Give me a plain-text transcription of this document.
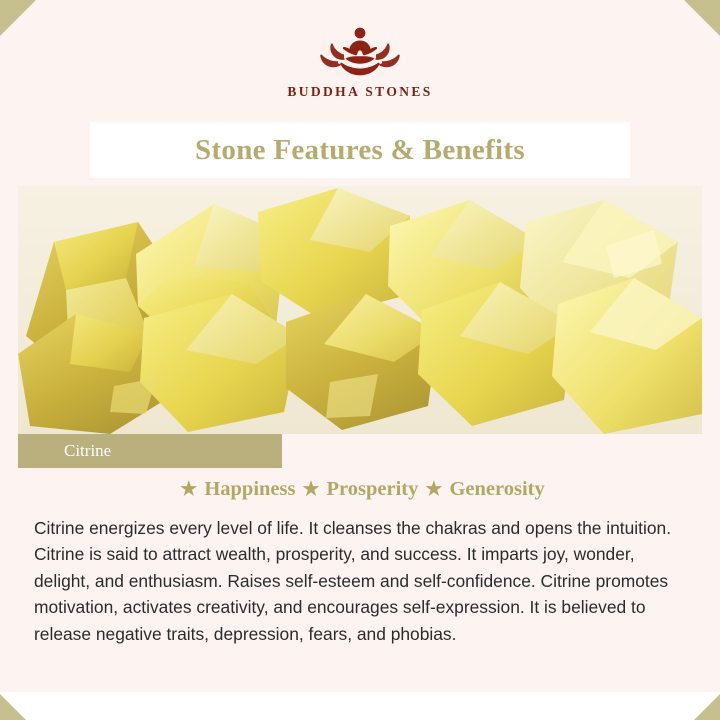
BUDDHA STONES
Stone Features & Benefits
Citrine
★ Happiness ★ Prosperity ★ Generosity
Citrine energizes every level of life. It cleanses the chakras and opens the intuition. Citrine is said to attract wealth, prosperity, and success. It imparts joy, wonder, delight, and enthusiasm. Raises self-esteem and self-confidence. Citrine promotes motivation, activates creativity, and encourages self-expression. It is believed to release negative traits, depression, fears, and phobias.
